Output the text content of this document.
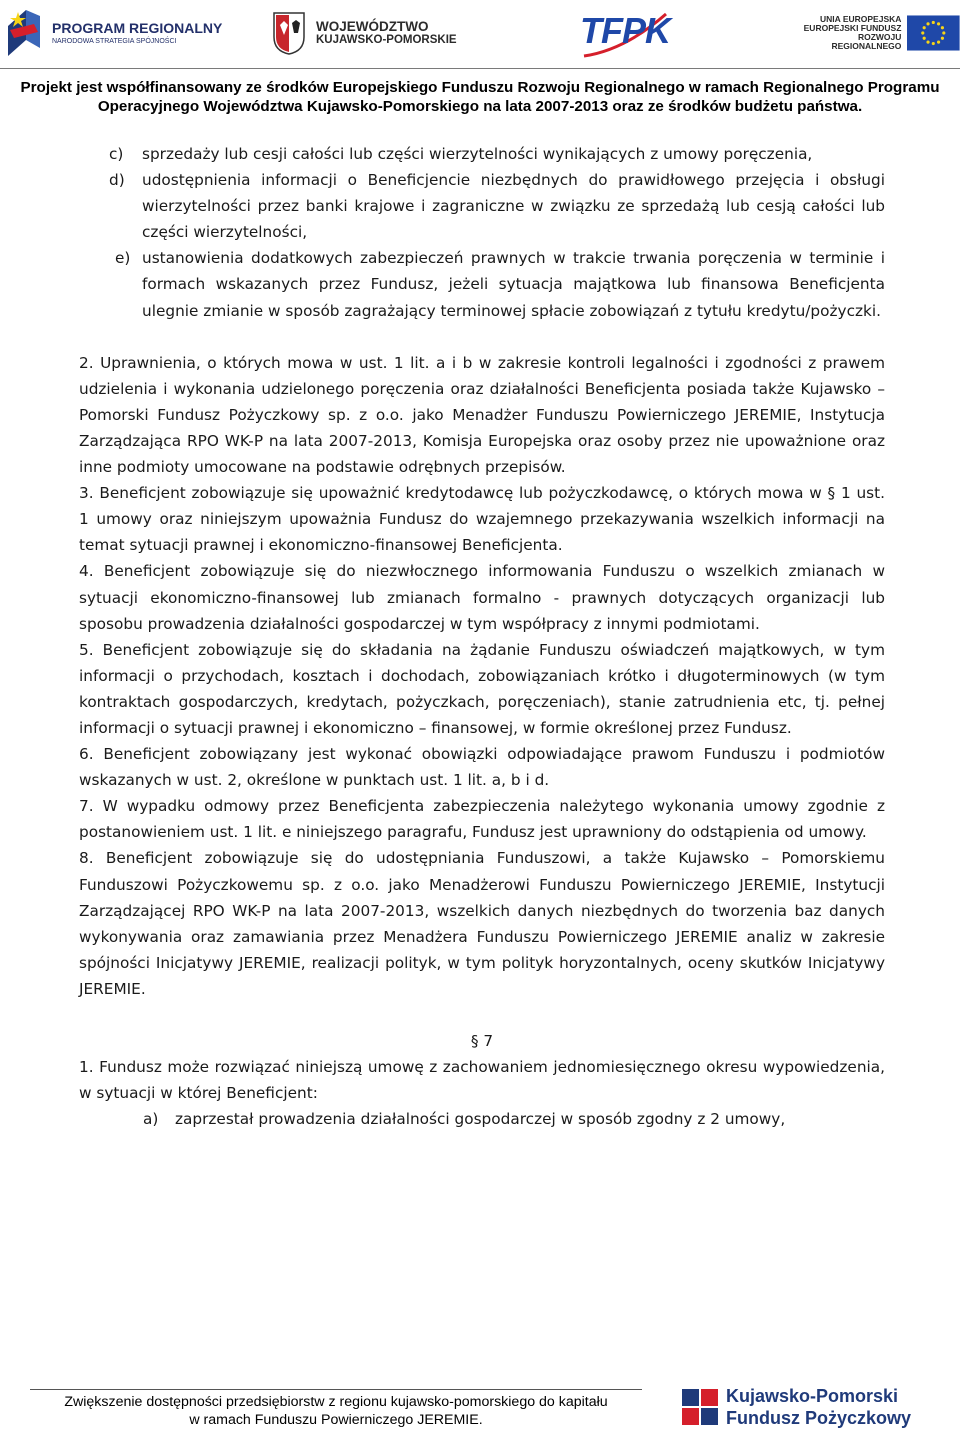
PROGRAM REGIONALNY
NARODOWA STRATEGIA SPÓJNOŚCI
WOJEWÓDZTWO
KUJAWSKO-POMORSKIE	TFPK	UNIA EUROPEJSKA
EUROPEJSKI FUNDUSZ
ROZWOJU REGIONALNEGO
Projekt jest współfinansowany ze środków Europejskiego Funduszu Rozwoju Regionalnego w ramach Regionalnego Programu
Operacyjnego Województwa Kujawsko-Pomorskiego na lata 2007-2013 oraz ze środków budżetu państwa.
c)	sprzedaży lub cesji całości lub części wierzytelności wynikających z umowy poręczenia,
d)	udostępnienia informacji o Beneficjencie niezbędnych do prawidłowego przejęcia i obsługi wierzytelności przez banki krajowe i zagraniczne w związku ze sprzedażą lub cesją całości lub części wierzytelności,
e) ustanowienia dodatkowych zabezpieczeń prawnych w trakcie trwania poręczenia w terminie i formach wskazanych przez Fundusz, jeżeli sytuacja majątkowa lub finansowa Beneficjenta ulegnie zmianie w sposób zagrażający terminowej spłacie zobowiązań z tytułu kredytu/pożyczki.

2. Uprawnienia, o których mowa w ust. 1 lit. a i b w zakresie kontroli legalności i zgodności z prawem udzielenia i wykonania udzielonego poręczenia oraz działalności Beneficjenta posiada także Kujawsko – Pomorski Fundusz Pożyczkowy sp. z o.o. jako Menadżer Funduszu Powierniczego JEREMIE, Instytucja Zarządzająca RPO WK-P na lata 2007-2013, Komisja Europejska oraz osoby przez nie upoważnione oraz inne podmioty umocowane na podstawie odrębnych przepisów.

3. Beneficjent zobowiązuje się upoważnić kredytodawcę lub pożyczkodawcę, o których mowa w § 1 ust. 1 umowy oraz niniejszym upoważnia Fundusz do wzajemnego przekazywania wszelkich informacji na temat sytuacji prawnej i ekonomiczno-finansowej Beneficjenta.

4. Beneficjent zobowiązuje się do niezwłocznego informowania Funduszu o wszelkich zmianach w sytuacji ekonomiczno-finansowej lub zmianach formalno - prawnych dotyczących organizacji lub sposobu prowadzenia działalności gospodarczej w tym współpracy z innymi podmiotami.

5. Beneficjent zobowiązuje się do składania na żądanie Funduszu oświadczeń majątkowych, w tym informacji o przychodach, kosztach i dochodach, zobowiązaniach krótko i długoterminowych (w tym kontraktach gospodarczych, kredytach, pożyczkach, poręczeniach), stanie zatrudnienia etc, tj. pełnej informacji o sytuacji prawnej i ekonomiczno – finansowej, w formie określonej przez Fundusz.

6. Beneficjent zobowiązany jest wykonać obowiązki odpowiadające prawom Funduszu i podmiotów wskazanych w ust. 2, określone w punktach ust. 1 lit. a, b i d.

7. W wypadku odmowy przez Beneficjenta zabezpieczenia należytego wykonania umowy zgodnie z postanowieniem ust. 1 lit. e niniejszego paragrafu, Fundusz jest uprawniony do odstąpienia od umowy.

8. Beneficjent zobowiązuje się do udostępniania Funduszowi, a także Kujawsko – Pomorskiemu Funduszowi Pożyczkowemu sp. z o.o. jako Menadżerowi Funduszu Powierniczego JEREMIE, Instytucji Zarządzającej RPO WK-P na lata 2007-2013, wszelkich danych niezbędnych do tworzenia baz danych wykonywania oraz zamawiania przez Menadżera Funduszu Powierniczego JEREMIE analiz w zakresie spójności Inicjatywy JEREMIE, realizacji polityk, w tym polityk horyzontalnych, oceny skutków Inicjatywy JEREMIE.

§ 7

1. Fundusz może rozwiązać niniejszą umowę z zachowaniem jednomiesięcznego okresu wypowiedzenia, w sytuacji w której Beneficjent:

a)	zaprzestał prowadzenia działalności gospodarczej w sposób zgodny z 2 umowy,
Zwiększenie dostępności przedsiębiorstw z regionu kujawsko-pomorskiego do kapitału
w ramach Funduszu Powierniczego JEREMIE.
Kujawsko-Pomorski
Fundusz Pożyczkowy
